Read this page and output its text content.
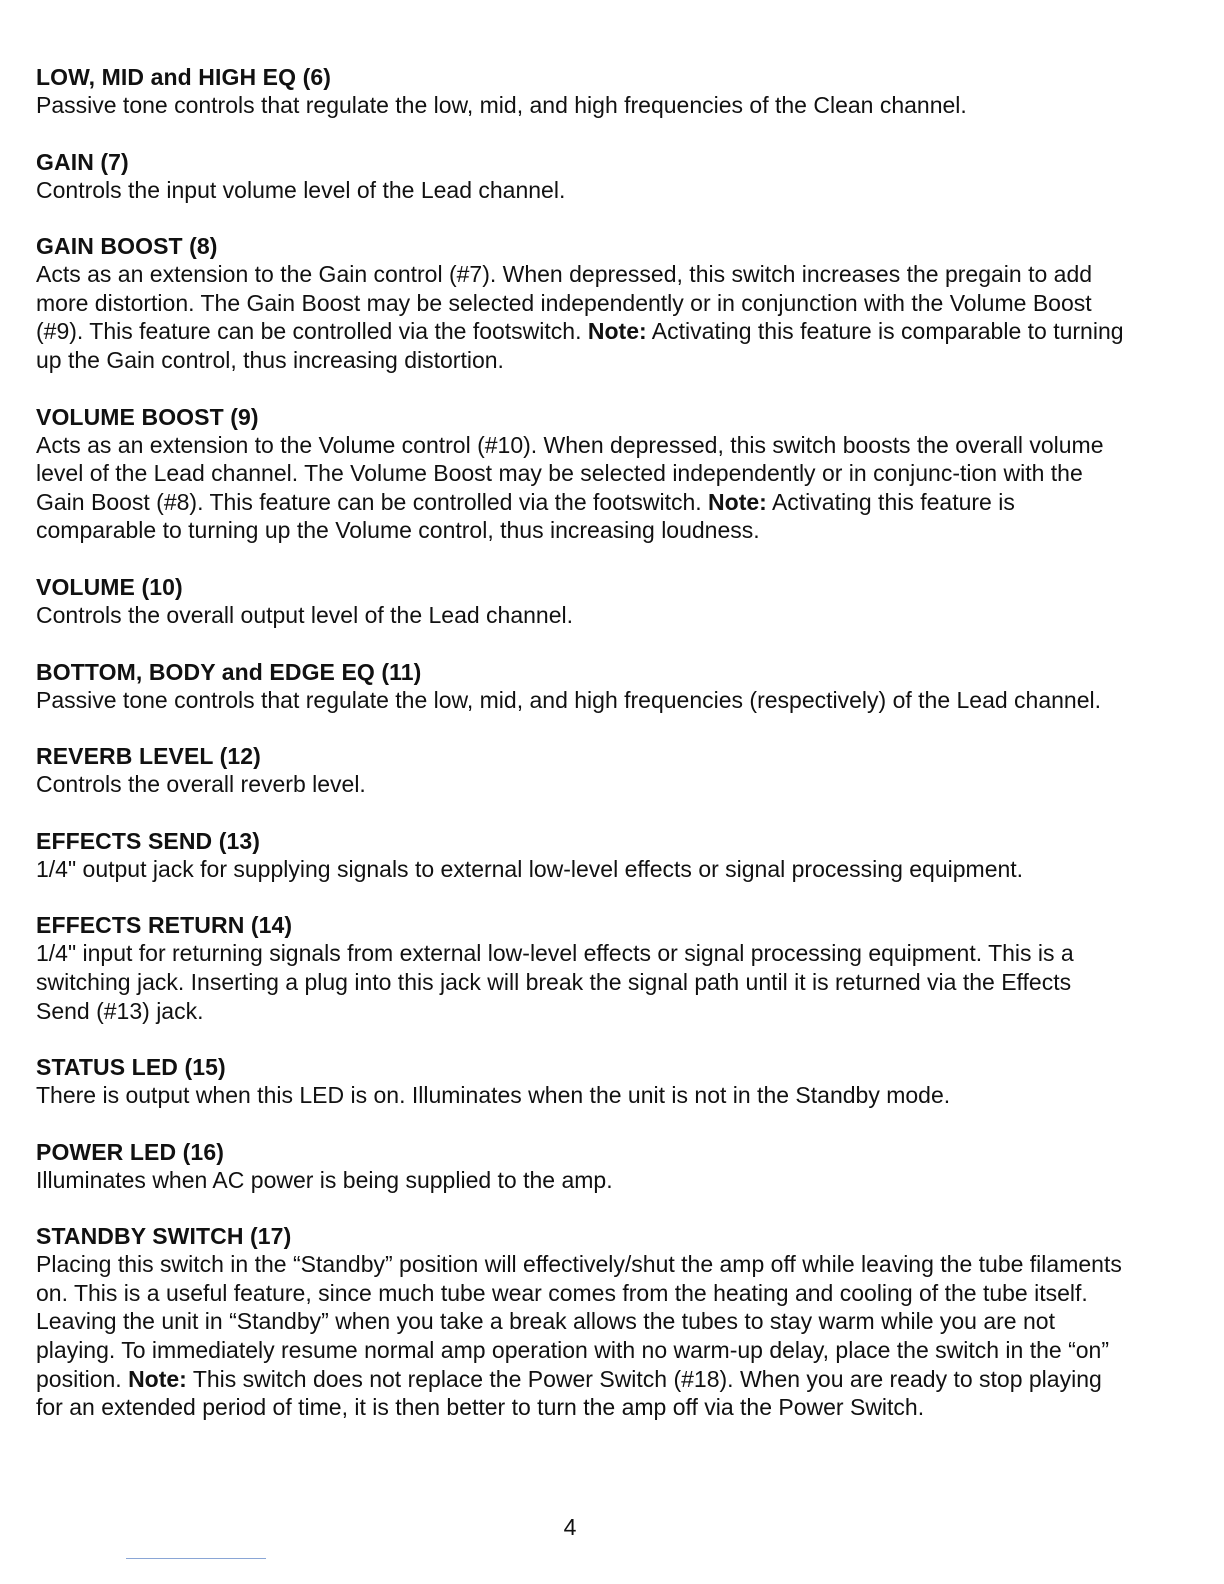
LOW, MID and HIGH EQ (6)

Passive tone controls that regulate the low, mid, and high frequencies of the Clean channel.

GAIN (7)

Controls the input volume level of the Lead channel.

GAIN BOOST (8)

Acts as an extension to the Gain control (#7). When depressed, this switch increases the pregain to add more distortion. The Gain Boost may be selected independently or in conjunction with the Volume Boost (#9). This feature can be controlled via the footswitch. Note: Activating this feature is comparable to turning up the Gain control, thus increasing distortion.

VOLUME BOOST (9)

Acts as an extension to the Volume control (#10). When depressed, this switch boosts the overall volume level of the Lead channel. The Volume Boost may be selected independently or in conjunc-tion with the Gain Boost (#8). This feature can be controlled via the footswitch. Note: Activating this feature is comparable to turning up the Volume control, thus increasing loudness.

VOLUME (10)

Controls the overall output level of the Lead channel.

BOTTOM, BODY and EDGE EQ (11)

Passive tone controls that regulate the low, mid, and high frequencies (respectively) of the Lead channel.

REVERB LEVEL (12)

Controls the overall reverb level.

EFFECTS SEND (13)

1/4" output jack for supplying signals to external low-level effects or signal processing equipment.

EFFECTS RETURN (14)

1/4" input for returning signals from external low-level effects or signal processing equipment. This is a switching jack. Inserting a plug into this jack will break the signal path until it is returned via the Effects Send (#13) jack.

STATUS LED (15)

There is output when this LED is on. Illuminates when the unit is not in the Standby mode.

POWER LED (16)

Illuminates when AC power is being supplied to the amp.

STANDBY SWITCH (17)

Placing this switch in the “Standby” position will effectively/shut the amp off while leaving the tube filaments on. This is a useful feature, since much tube wear comes from the heating and cooling of the tube itself. Leaving the unit in “Standby” when you take a break allows the tubes to stay warm while you are not playing. To immediately resume normal amp operation with no warm-up delay, place the switch in the “on” position. Note: This switch does not replace the Power Switch (#18). When you are ready to stop playing for an extended period of time, it is then better to turn the amp off via the Power Switch.

4
